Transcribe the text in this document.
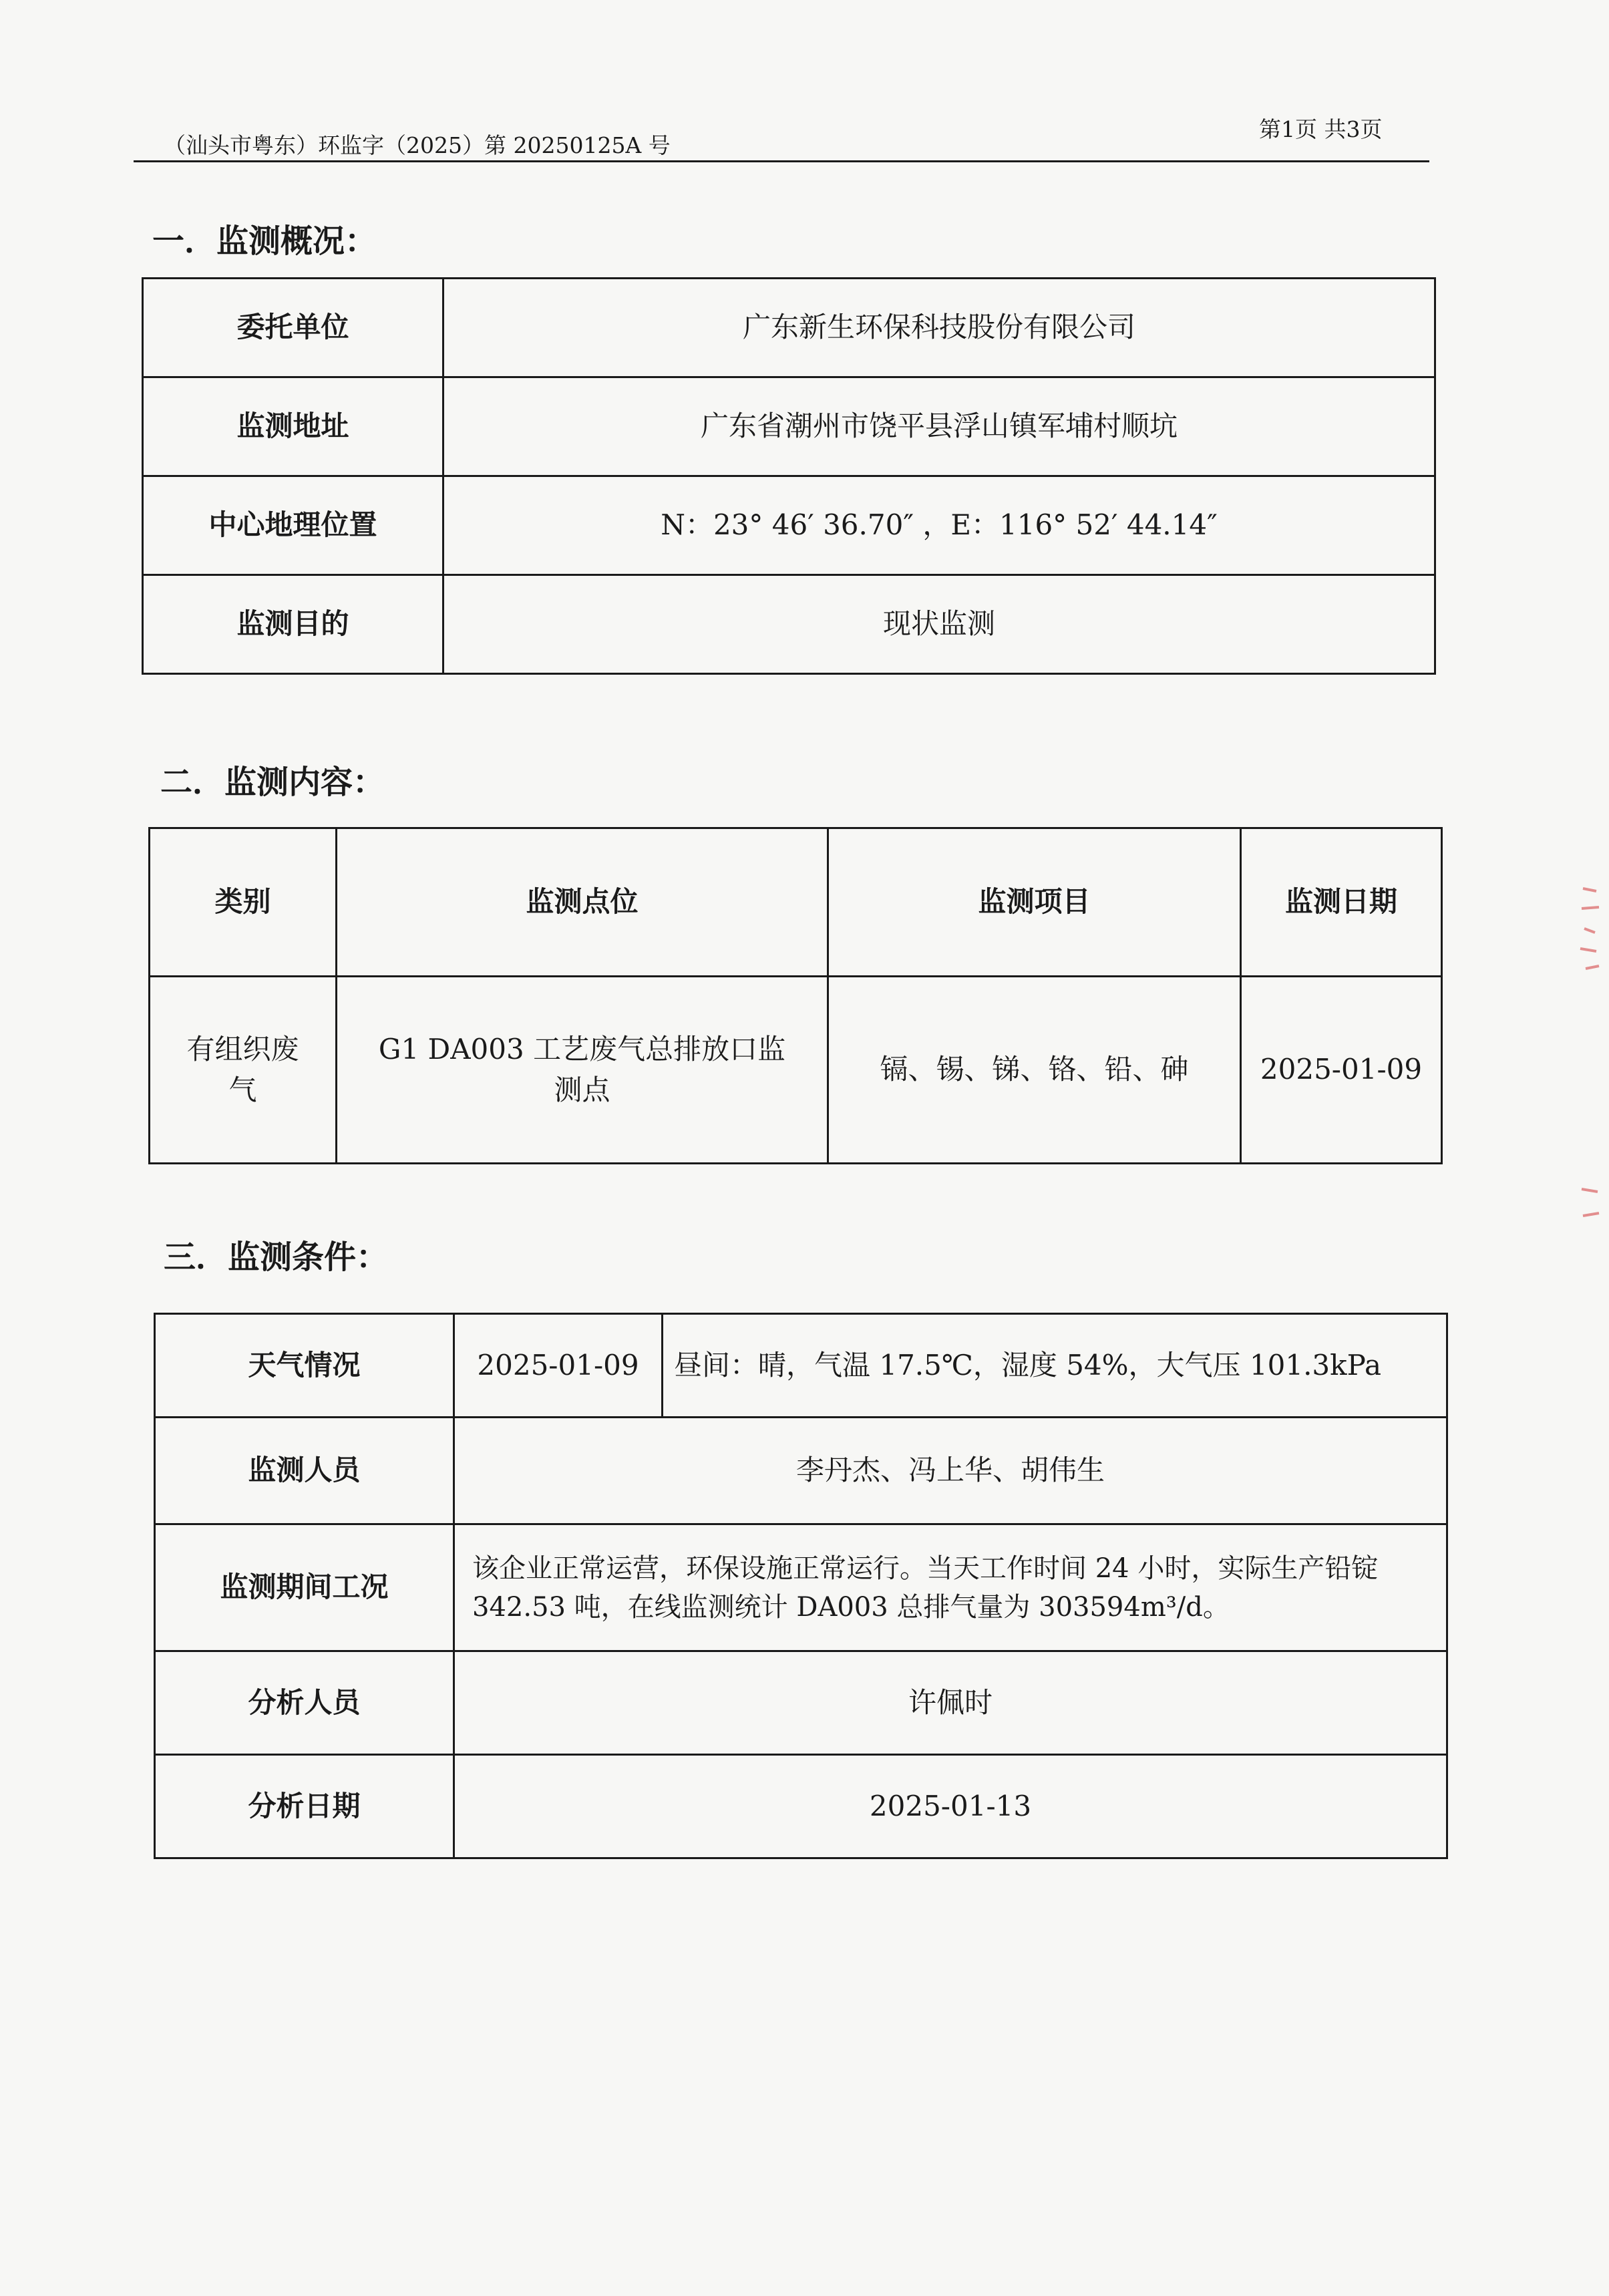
（汕头市粤东）环监字（2025）第 20250125A 号
第1页 共3页
一．监测概况：
委托单位	广东新生环保科技股份有限公司
监测地址	广东省潮州市饶平县浮山镇军埔村顺坑
中心地理位置	N：23° 46′ 36.70″ ，E：116° 52′ 44.14″
监测目的	现状监测
二．监测内容：
类别	监测点位	监测项目	监测日期
有组织废气	G1 DA003 工艺废气总排放口监测点	镉、锡、锑、铬、铅、砷	2025-01-09
三．监测条件：
天气情况	2025-01-09	昼间：晴，气温 17.5℃，湿度 54%，大气压 101.3kPa
监测人员	李丹杰、冯上华、胡伟生	
监测期间工况	该企业正常运营，环保设施正常运行。当天工作时间 24 小时，实际生产铅锭 342.53 吨，在线监测统计 DA003 总排气量为 303594m³/d。	
分析人员	许佩时	
分析日期	2025-01-13	
